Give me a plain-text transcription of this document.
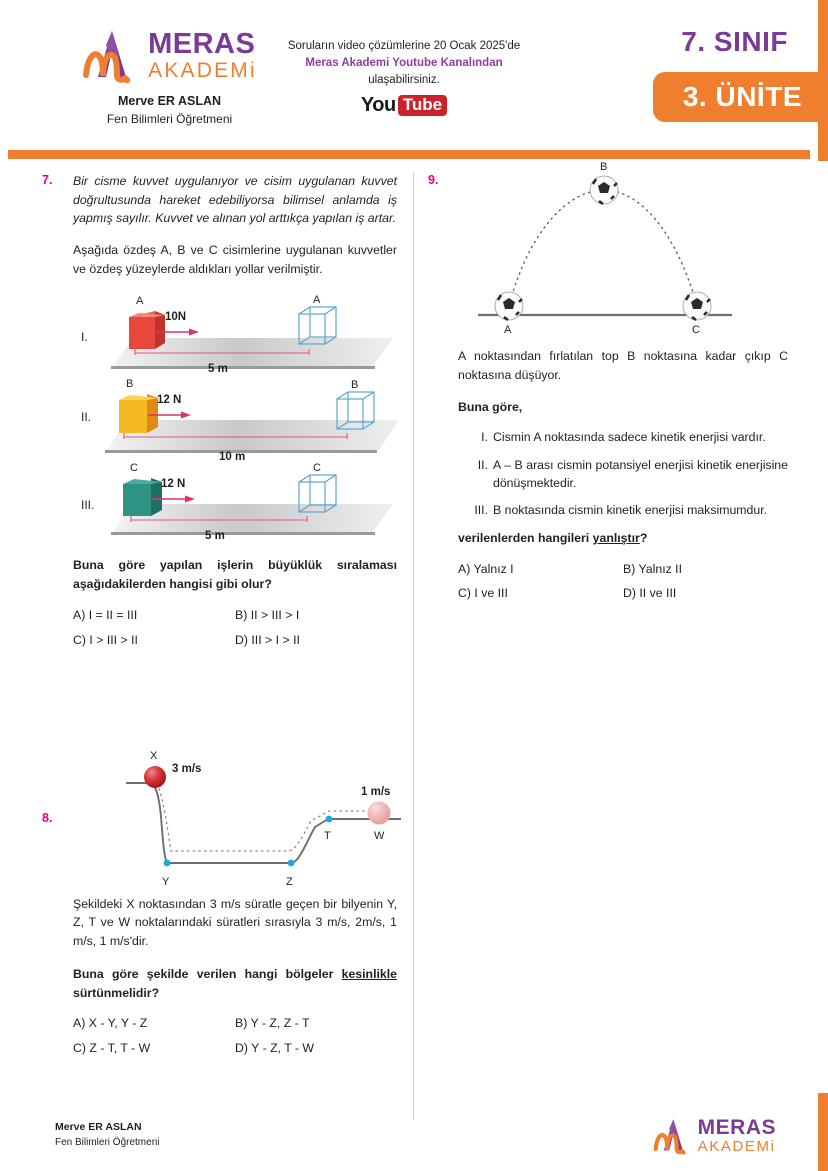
MERAS
AKADEMi
Merve ER ASLAN
Fen Bilimleri Öğretmeni
Soruların video çözümlerine 20 Ocak 2025'de
Meras Akademi Youtube Kanalından
ulaşabilirsiniz.
You Tube
7. SINIF
3. ÜNİTE
7. Bir cisme kuvvet uygulanıyor ve cisim uygulanan kuvvet doğrultusunda hareket edebiliyorsa bilimsel anlamda iş yapmış sayılır. Kuvvet ve alınan yol arttıkça yapılan iş artar.
Aşağıda özdeş A, B ve C cisimlerine uygulanan kuvvetler ve özdeş yüzeylerde aldıkları yollar verilmiştir.
I.
10N
A	A
5 m
II.
12 N
B	B
10 m
III.
12 N
C	C
5 m
Buna göre yapılan işlerin büyüklük sıralaması aşağıdakilerden hangisi gibi olur?
A) I = II = III	B) II > III > I
C) I > III > II	D) III > I > II
8.
X
Y	Z
T	W
3 m/s
1 m/s
Şekildeki X noktasından 3 m/s süratle geçen bir bilyenin Y, Z, T ve W noktalarındaki süratleri sırasıyla 3 m/s, 2m/s, 1 m/s, 1 m/s'dir.
Buna göre şekilde verilen hangi bölgeler kesinlikle sürtünmelidir?
A) X - Y, Y - Z	B) Y - Z, Z - T
C) Z - T, T - W	D) Y - Z, T - W
9.
A
B
C
A noktasından fırlatılan top B noktasına kadar çıkıp C noktasına düşüyor.
Buna göre,
I. Cismin A noktasında sadece kinetik enerjisi vardır.
II. A – B arası cismin potansiyel enerjisi kinetik enerjisine dönüşmektedir.
III. B noktasında cismin kinetik enerjisi maksimumdur.
verilenlerden hangileri yanlıştır?
A) Yalnız I	B) Yalnız II
C) I ve III	D) II ve III
Merve ER ASLAN
Fen Bilimleri Öğretmeni
MERAS
AKADEMi
